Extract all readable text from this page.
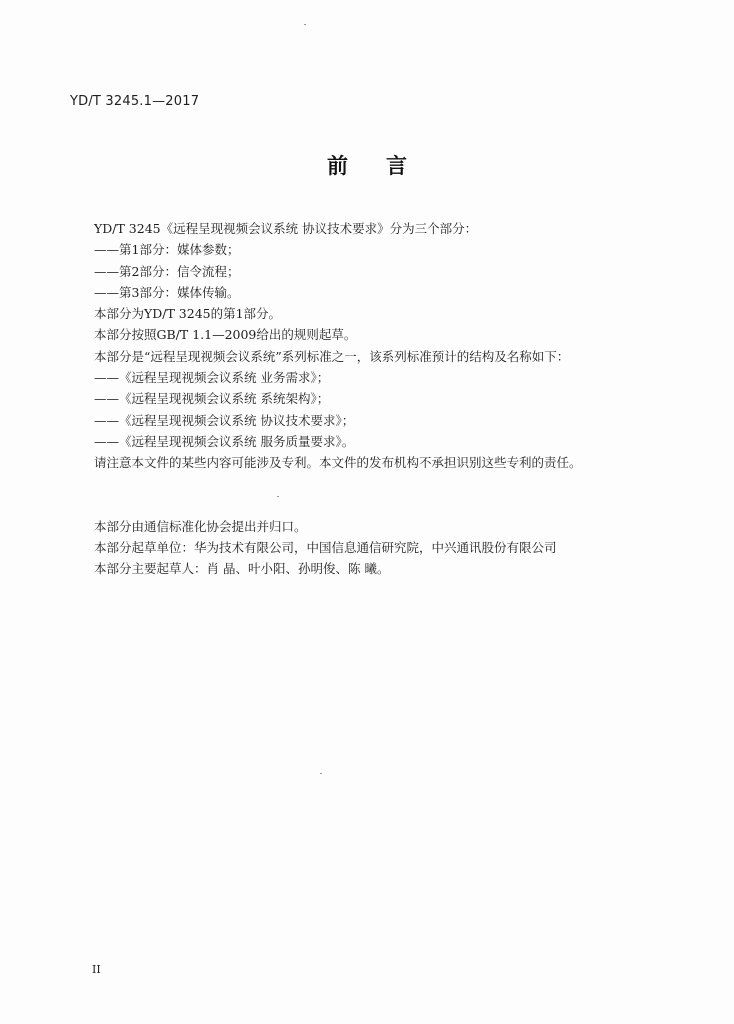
YD/T 3245.1—2017
前言

YD/T 3245《远程呈现视频会议系统 协议技术要求》分为三个部分：

——第1部分：媒体参数；

——第2部分：信令流程；

——第3部分：媒体传输。

本部分为YD/T 3245的第1部分。

本部分按照GB/T 1.1—2009给出的规则起草。

本部分是“远程呈现视频会议系统”系列标准之一，该系列标准预计的结构及名称如下：

——《远程呈现视频会议系统 业务需求》；

——《远程呈现视频会议系统 系统架构》；

——《远程呈现视频会议系统 协议技术要求》；

——《远程呈现视频会议系统 服务质量要求》。

请注意本文件的某些内容可能涉及专利。本文件的发布机构不承担识别这些专利的责任。

本部分由通信标准化协会提出并归口。

本部分起草单位：华为技术有限公司，中国信息通信研究院，中兴通讯股份有限公司

本部分主要起草人：肖 晶、叶小阳、孙明俊、陈 曦。

II
